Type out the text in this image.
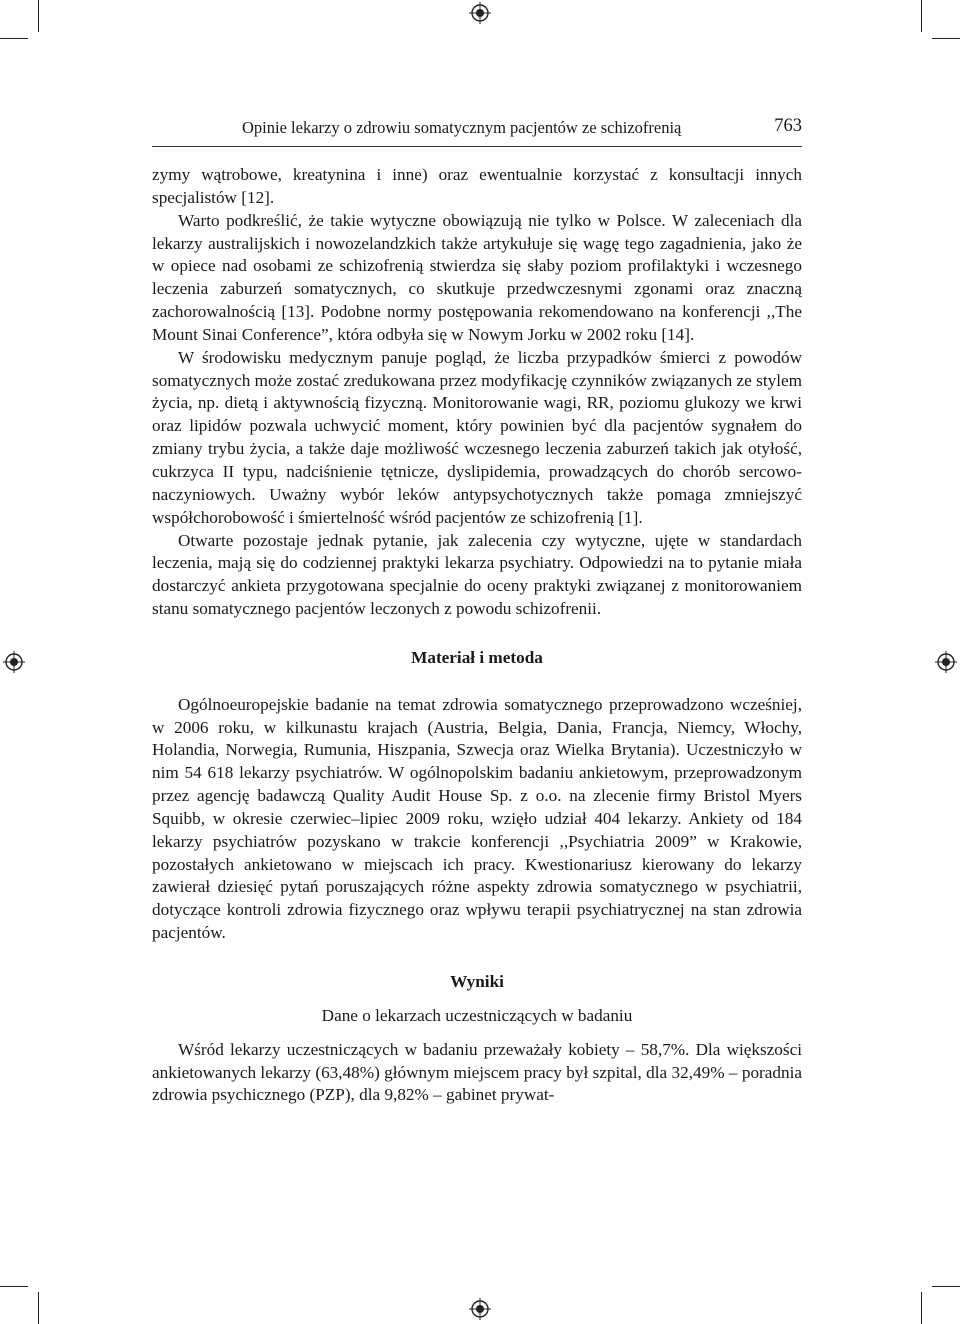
Opinie lekarzy o zdrowiu somatycznym pacjentów ze schizofrenią	763

zymy wątrobowe, kreatynina i inne) oraz ewentualnie korzystać z konsultacji innych specjalistów [12].

Warto podkreślić, że takie wytyczne obowiązują nie tylko w Polsce. W zaleceniach dla lekarzy australijskich i nowozelandzkich także artykułuje się wagę tego zagadnienia, jako że w opiece nad osobami ze schizofrenią stwierdza się słaby poziom profilaktyki i wczesnego leczenia zaburzeń somatycznych, co skutkuje przedwczesnymi zgonami oraz znaczną zachorowalnością [13]. Podobne normy postępowania rekomendowano na konferencji ,,The Mount Sinai Conference”, która odbyła się w Nowym Jorku w 2002 roku [14].

W środowisku medycznym panuje pogląd, że liczba przypadków śmierci z powodów somatycznych może zostać zredukowana przez modyfikację czynników związanych ze stylem życia, np. dietą i aktywnością fizyczną. Monitorowanie wagi, RR, poziomu glukozy we krwi oraz lipidów pozwala uchwycić moment, który powinien być dla pacjentów sygnałem do zmiany trybu życia, a także daje możliwość wczesnego leczenia zaburzeń takich jak otyłość, cukrzyca II typu, nadciśnienie tętnicze, dyslipidemia, prowadzących do chorób sercowo-naczyniowych. Uważny wybór leków antypsychotycznych także pomaga zmniejszyć współchorobowość i śmiertelność wśród pacjentów ze schizofrenią [1].

Otwarte pozostaje jednak pytanie, jak zalecenia czy wytyczne, ujęte w standardach leczenia, mają się do codziennej praktyki lekarza psychiatry. Odpowiedzi na to pytanie miała dostarczyć ankieta przygotowana specjalnie do oceny praktyki związanej z monitorowaniem stanu somatycznego pacjentów leczonych z powodu schizofrenii.

Materiał i metoda

Ogólnoeuropejskie badanie na temat zdrowia somatycznego przeprowadzono wcześniej, w 2006 roku, w kilkunastu krajach (Austria, Belgia, Dania, Francja, Niemcy, Włochy, Holandia, Norwegia, Rumunia, Hiszpania, Szwecja oraz Wielka Brytania). Uczestniczyło w nim 54 618 lekarzy psychiatrów. W ogólnopolskim badaniu ankietowym, przeprowadzonym przez agencję badawczą Quality Audit House Sp. z o.o. na zlecenie firmy Bristol Myers Squibb, w okresie czerwiec–lipiec 2009 roku, wzięło udział 404 lekarzy. Ankiety od 184 lekarzy psychiatrów pozyskano w trakcie konferencji ,,Psychiatria 2009” w Krakowie, pozostałych ankietowano w miejscach ich pracy. Kwestionariusz kierowany do lekarzy zawierał dziesięć pytań poruszających różne aspekty zdrowia somatycznego w psychiatrii, dotyczące kontroli zdrowia fizycznego oraz wpływu terapii psychiatrycznej na stan zdrowia pacjentów.

Wyniki
Dane o lekarzach uczestniczących w badaniu

Wśród lekarzy uczestniczących w badaniu przeważały kobiety – 58,7%. Dla większości ankietowanych lekarzy (63,48%) głównym miejscem pracy był szpital, dla 32,49% – poradnia zdrowia psychicznego (PZP), dla 9,82% – gabinet prywat-
